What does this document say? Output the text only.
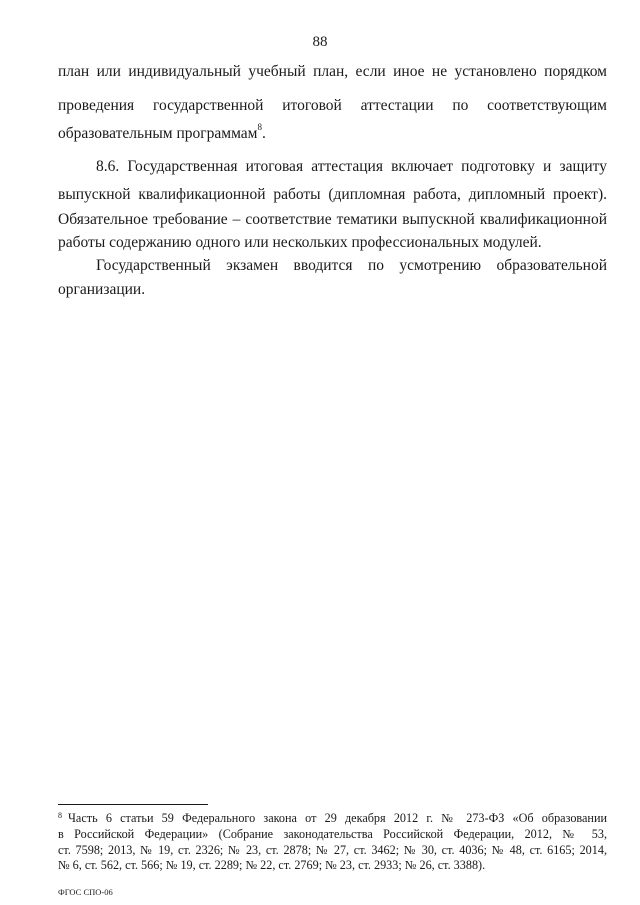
88
план или индивидуальный учебный план, если иное не установлено порядком
проведения государственной итоговой аттестации по соответствующим
образовательным программам$^8$.
8.6. Государственная итоговая аттестация включает подготовку и защиту
выпускной квалификационной работы (дипломная работа, дипломный проект).
Обязательное требование – соответствие тематики выпускной квалификационной
работы содержанию одного или нескольких профессиональных модулей.
Государственный экзамен вводится по усмотрению образовательной
организации.
$^8$ Часть 6 статьи 59 Федерального закона от 29 декабря 2012 г. № 273-ФЗ «Об образовании
в Российской Федерации» (Собрание законодательства Российской Федерации, 2012, № 53,
ст. 7598; 2013, № 19, ст. 2326; № 23, ст. 2878; № 27, ст. 3462; № 30, ст. 4036; № 48, ст. 6165; 2014,
№ 6, ст. 562, ст. 566; № 19, ст. 2289; № 22, ст. 2769; № 23, ст. 2933; № 26, ст. 3388).
ФГОС СПО-06
